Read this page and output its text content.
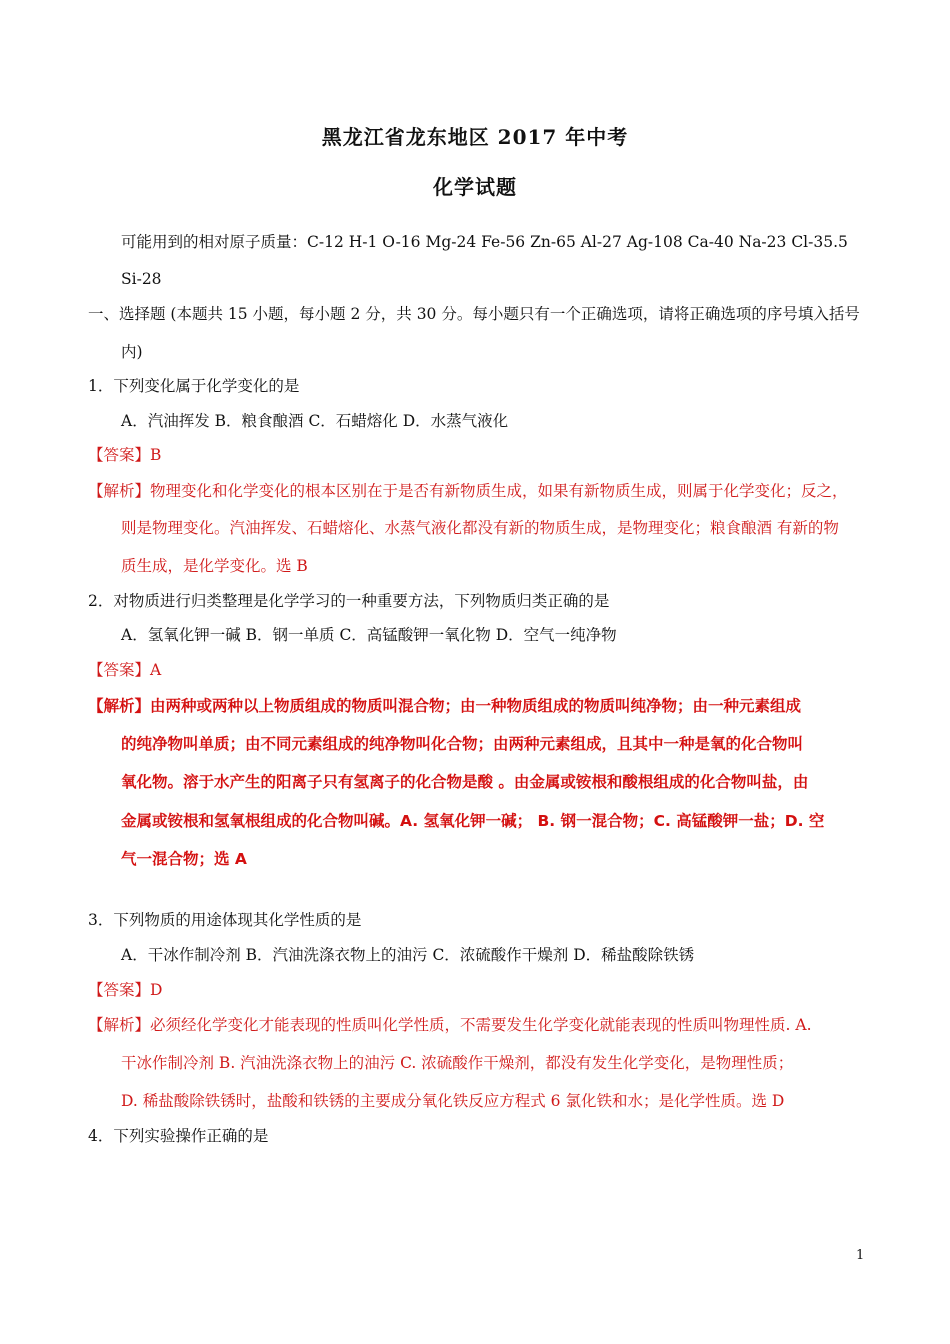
黑龙江省龙东地区 2017 年中考
化学试题
可能用到的相对原子质量：C-12 H-1 O-16 Mg-24 Fe-56 Zn-65 Al-27 Ag-108 Ca-40 Na-23 Cl-35.5
Si-28
一、选择题 (本题共 15 小题，每小题 2 分，共 30 分。每小题只有一个正确选项，请将正确选项的序号填入括号
内)
1．下列变化属于化学变化的是
A．汽油挥发 B．粮食酿酒 C．石蜡熔化 D．水蒸气液化
【答案】B
【解析】物理变化和化学变化的根本区别在于是否有新物质生成，如果有新物质生成，则属于化学变化；反之，
则是物理变化。汽油挥发、石蜡熔化、水蒸气液化都没有新的物质生成，是物理变化；粮食酿酒 有新的物
质生成，是化学变化。选 B
2．对物质进行归类整理是化学学习的一种重要方法，下列物质归类正确的是
A．氢氧化钾一碱 B．钢一单质 C．高锰酸钾一氧化物 D．空气一纯净物
【答案】A
【解析】由两种或两种以上物质组成的物质叫混合物；由一种物质组成的物质叫纯净物；由一种元素组成
的纯净物叫单质；由不同元素组成的纯净物叫化合物；由两种元素组成，且其中一种是氧的化合物叫
氧化物。溶于水产生的阳离子只有氢离子的化合物是酸 。由金属或铵根和酸根组成的化合物叫盐，由
金属或铵根和氢氧根组成的化合物叫碱。A. 氢氧化钾一碱； B. 钢一混合物；C. 高锰酸钾一盐；D. 空
气一混合物；选 A
3．下列物质的用途体现其化学性质的是
A．干冰作制冷剂 B．汽油洗涤衣物上的油污 C．浓硫酸作干燥剂 D．稀盐酸除铁锈
【答案】D
【解析】必须经化学变化才能表现的性质叫化学性质，不需要发生化学变化就能表现的性质叫物理性质. A.
干冰作制冷剂 B. 汽油洗涤衣物上的油污 C. 浓硫酸作干燥剂，都没有发生化学变化，是物理性质；
D. 稀盐酸除铁锈时，盐酸和铁锈的主要成分氧化铁反应方程式 6 氯化铁和水；是化学性质。选 D
4．下列实验操作正确的是
1
